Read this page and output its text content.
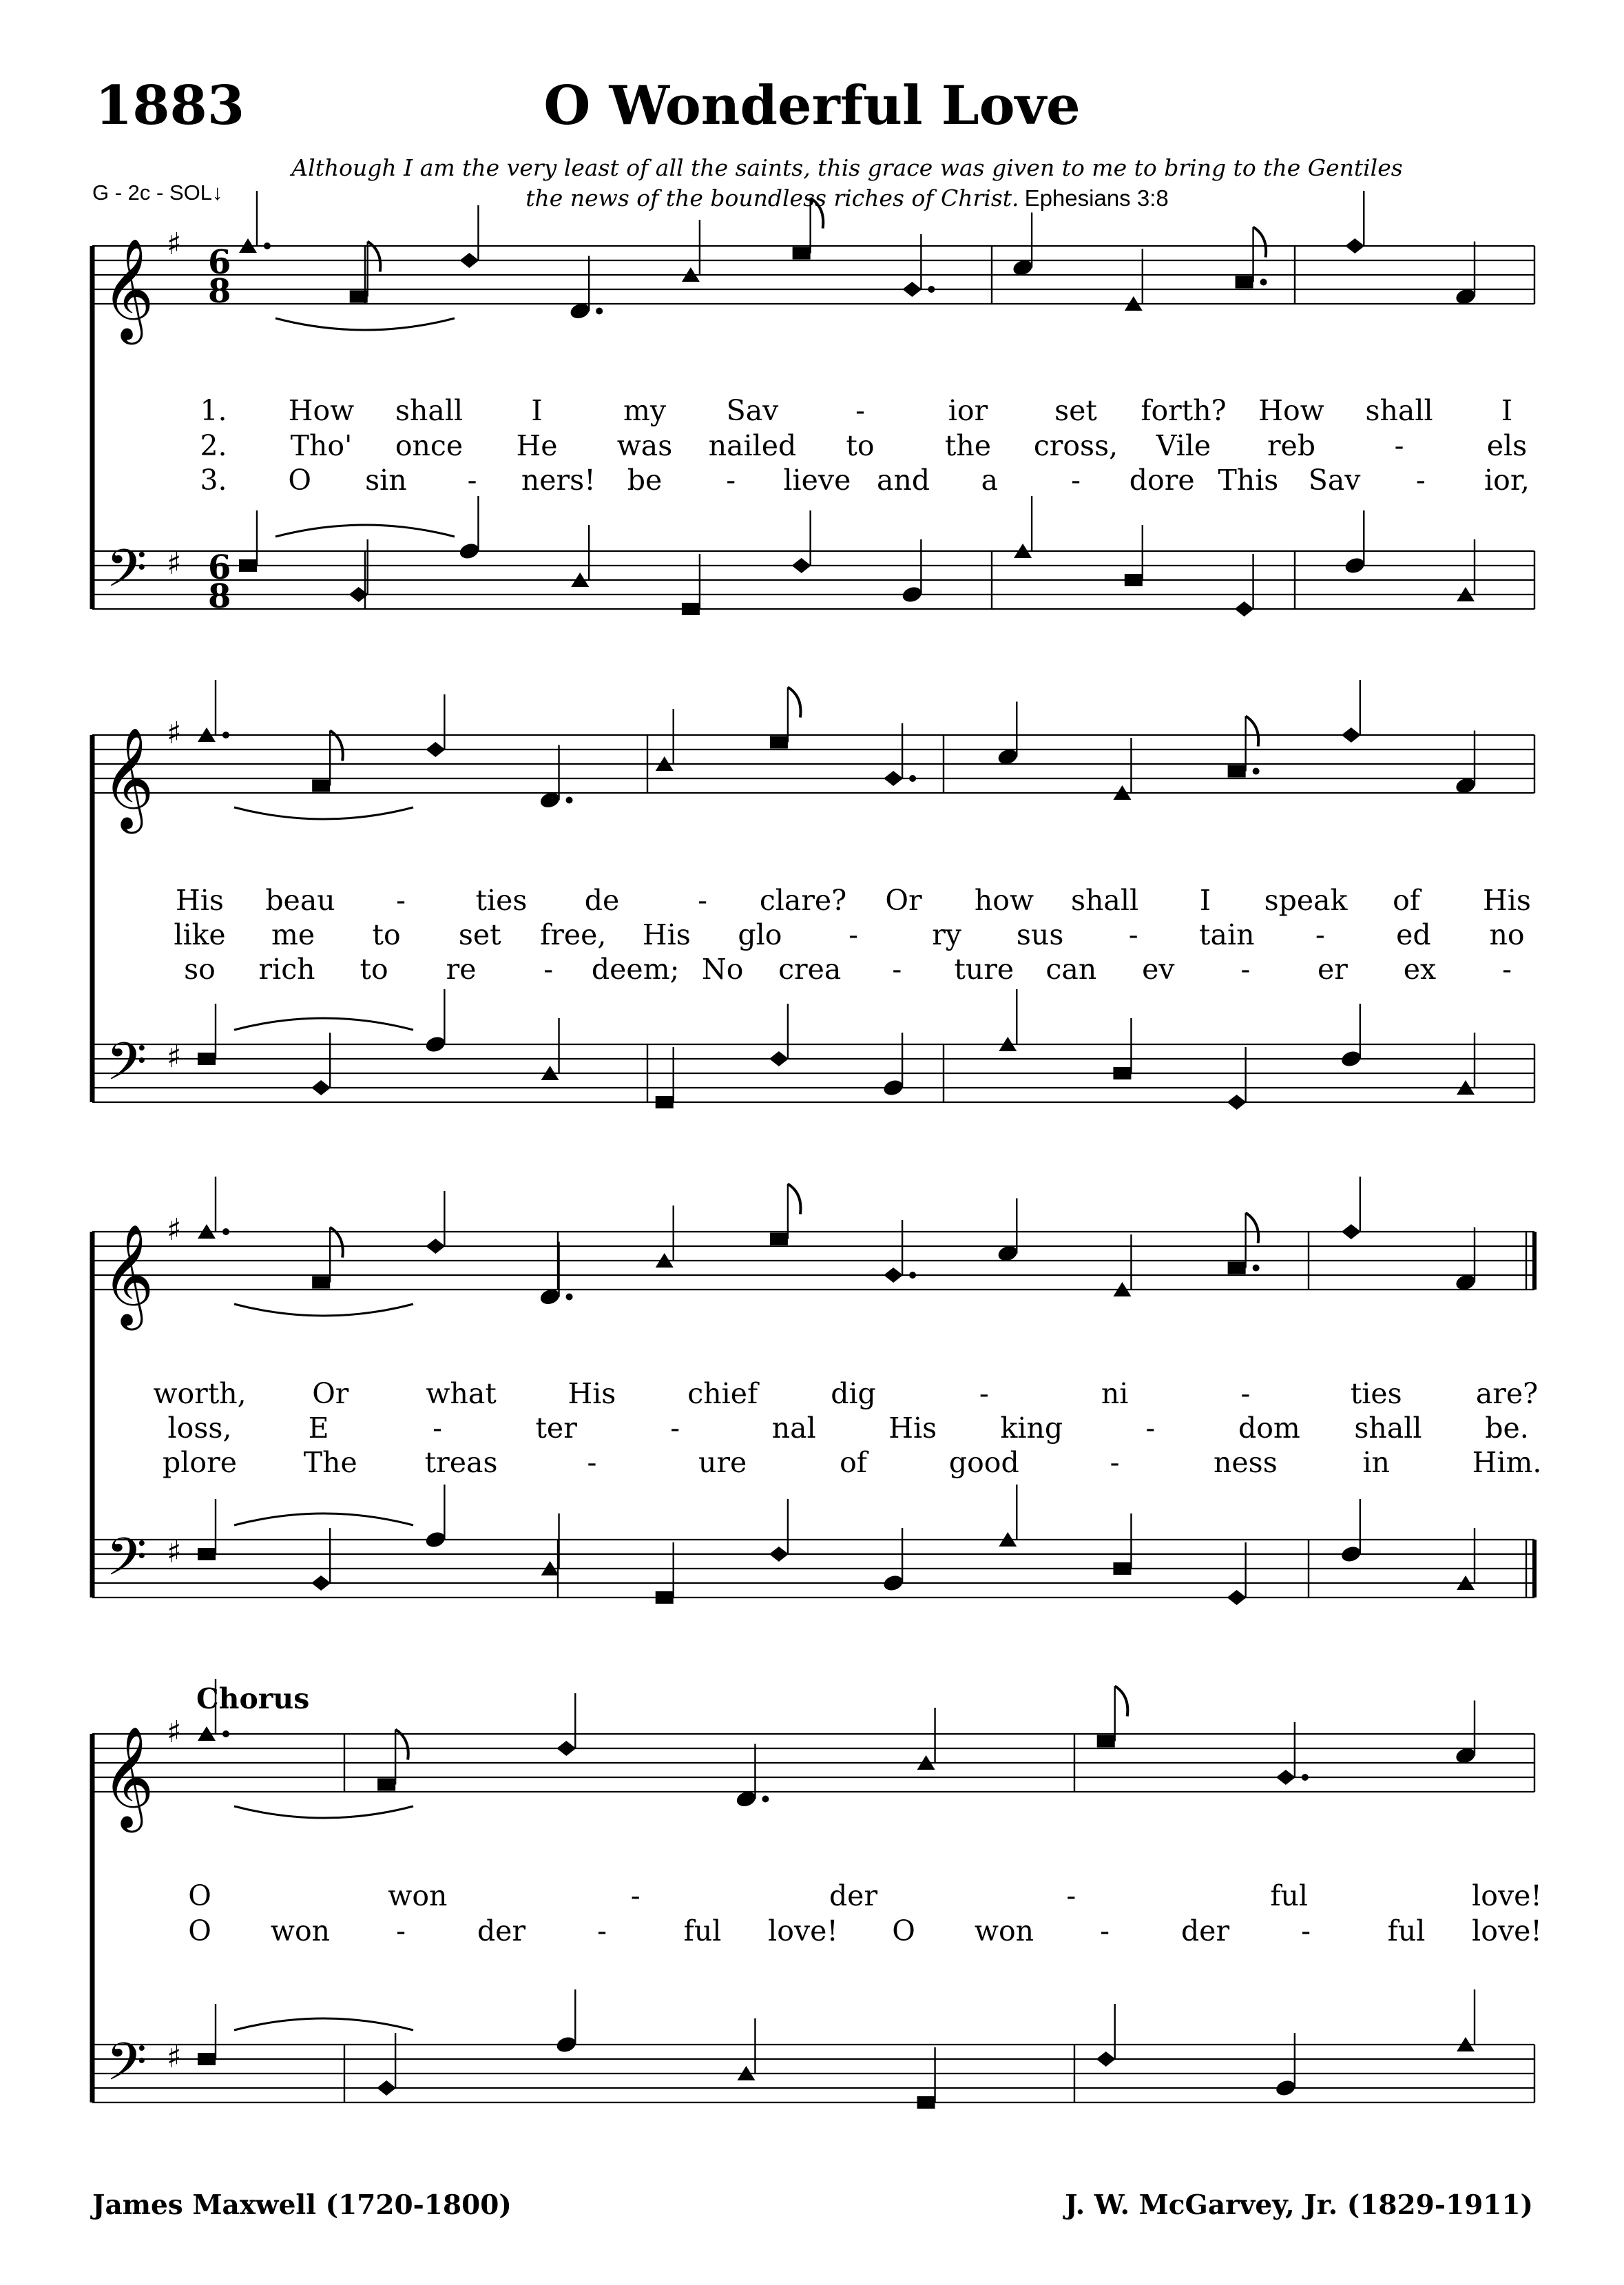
1883	O Wonderful Love
Although I am the very least of all the saints, this grace was given to me to bring to the Gentiles
the news of the boundless riches of Christ. Ephesians 3:8
G - 2c - SOL↓
𝄞
𝄢
♯
♯
6
8
6
8
1. How shall I	my Sav	-	ior set forth? How shall I
2. Tho' once He was nailed to the cross, Vile reb	-	els
3. O sin - ners! be - lieve and a	- dore This Sav - ior,
𝄞
𝄢
♯
♯
His beau - ties de	- clare? Or how shall I speak of His
like me to set free, His glo -	ry sus - tain -	ed no
so rich to re - deem; No crea - ture can ev - er ex -
𝄞
𝄢
♯
♯
worth, Or	what	His	chief	dig	-	ni	-	ties	are?
loss,	E	-	ter	-	nal	His king	-	dom shall be.
plore The treas	-	ure	of	good	-	ness	in	Him.
𝄞
𝄢
♯
♯
O	won	-	der	-	ful	love!
O won -	der	-	ful love! O won -	der	-	ful love!
Chorus
James Maxwell (1720-1800)	J. W. McGarvey, Jr. (1829-1911)
